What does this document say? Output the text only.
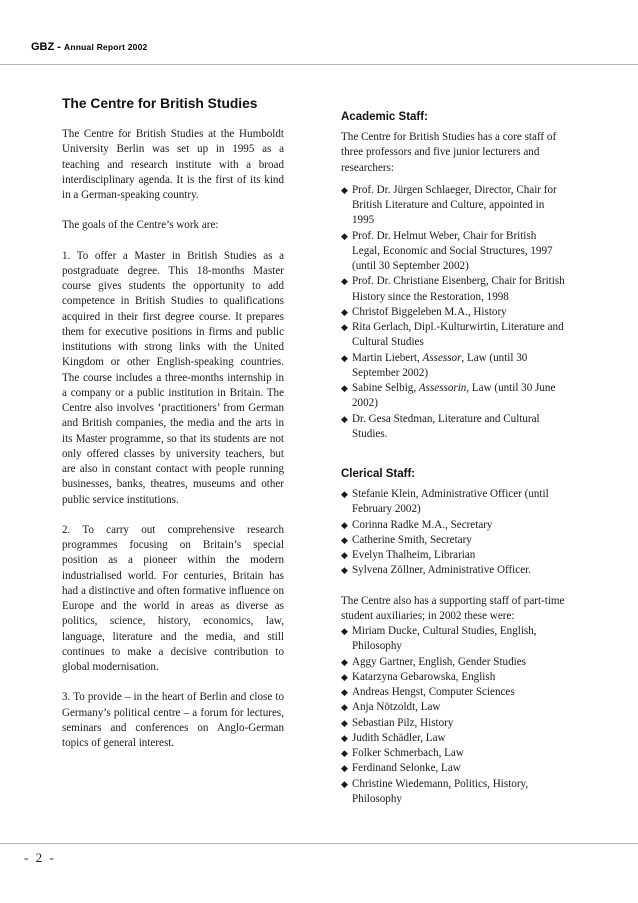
GBZ - Annual Report 2002
The Centre for British Studies

The Centre for British Studies at the Humboldt University Berlin was set up in 1995 as a teaching and research institute with a broad interdisciplinary agenda. It is the first of its kind in a German-speaking country.

The goals of the Centre’s work are:

1. To offer a Master in British Studies as a postgraduate degree. This 18-months Master course gives students the opportunity to add competence in British Studies to qualifications acquired in their first degree course. It prepares them for executive positions in firms and public institutions with strong links with the United Kingdom or other English-speaking countries. The course includes a three-months internship in a company or a public institution in Britain. The Centre also involves ‘practitioners’ from German and British companies, the media and the arts in its Master programme, so that its students are not only offered classes by university teachers, but are also in constant contact with people running businesses, banks, theatres, museums and other public service institutions.

2. To carry out comprehensive research programmes focusing on Britain’s special position as a pioneer within the modern industrialised world. For centuries, Britain has had a distinctive and often formative influence on Europe and the world in areas as diverse as politics, science, history, economics, law, language, literature and the media, and still continues to make a decisive contribution to global modernisation.

3. To provide – in the heart of Berlin and close to Germany’s political centre – a forum for lectures, seminars and conferences on Anglo-German topics of general interest.

Academic Staff:
The Centre for British Studies has a core staff of three professors and five junior lecturers and researchers:
◆ Prof. Dr. Jürgen Schlaeger, Director, Chair for British Literature and Culture, appointed in 1995
◆ Prof. Dr. Helmut Weber, Chair for British Legal, Economic and Social Structures, 1997 (until 30 September 2002)
◆ Prof. Dr. Christiane Eisenberg, Chair for British History since the Restoration, 1998
◆ Christof Biggeleben M.A., History
◆ Rita Gerlach, Dipl.-Kulturwirtin, Literature and Cultural Studies
◆ Martin Liebert, Assessor, Law (until 30 September 2002)
◆ Sabine Selbig, Assessorin, Law (until 30 June 2002)
◆ Dr. Gesa Stedman, Literature and Cultural Studies.
Clerical Staff:
◆ Stefanie Klein, Administrative Officer (until February 2002)
◆ Corinna Radke M.A., Secretary
◆ Catherine Smith, Secretary
◆ Evelyn Thalheim, Librarian
◆ Sylvena Zöllner, Administrative Officer.
The Centre also has a supporting staff of part-time student auxiliaries; in 2002 these were:
◆ Miriam Ducke, Cultural Studies, English, Philosophy
◆ Aggy Gartner, English, Gender Studies
◆ Katarzyna Gebarowska, English
◆ Andreas Hengst, Computer Sciences
◆ Anja Nötzoldt, Law
◆ Sebastian Pilz, History
◆ Judith Schädler, Law
◆ Folker Schmerbach, Law
◆ Ferdinand Selonke, Law
◆ Christine Wiedemann, Politics, History, Philosophy
- 2 -
